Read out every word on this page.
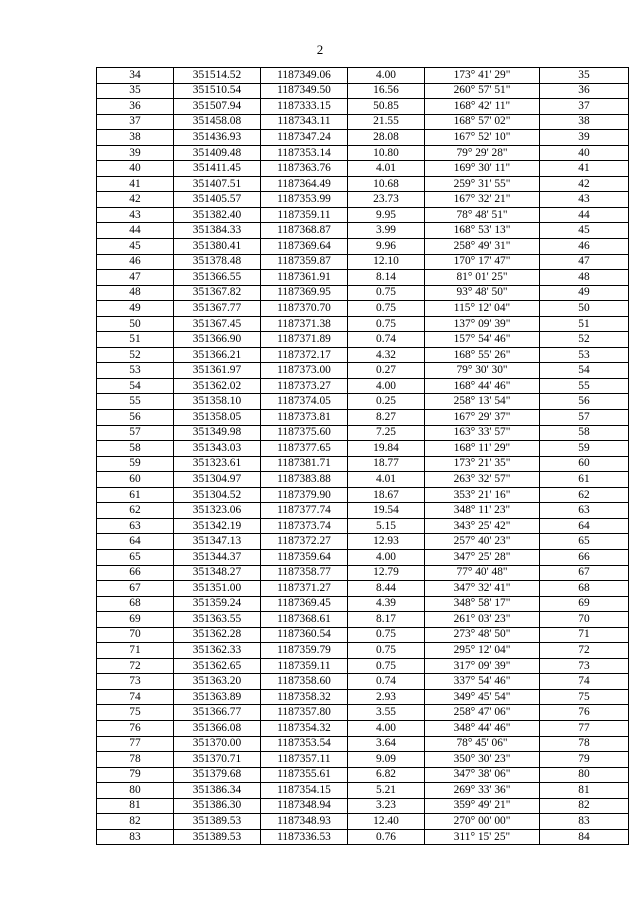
2
34	351514.52	1187349.06	4.00	173° 41' 29"	35
35	351510.54	1187349.50	16.56	260° 57' 51"	36
36	351507.94	1187333.15	50.85	168° 42' 11"	37
37	351458.08	1187343.11	21.55	168° 57' 02"	38
38	351436.93	1187347.24	28.08	167° 52' 10"	39
39	351409.48	1187353.14	10.80	79° 29' 28"	40
40	351411.45	1187363.76	4.01	169° 30' 11"	41
41	351407.51	1187364.49	10.68	259° 31' 55"	42
42	351405.57	1187353.99	23.73	167° 32' 21"	43
43	351382.40	1187359.11	9.95	78° 48' 51"	44
44	351384.33	1187368.87	3.99	168° 53' 13"	45
45	351380.41	1187369.64	9.96	258° 49' 31"	46
46	351378.48	1187359.87	12.10	170° 17' 47"	47
47	351366.55	1187361.91	8.14	81° 01' 25"	48
48	351367.82	1187369.95	0.75	93° 48' 50"	49
49	351367.77	1187370.70	0.75	115° 12' 04"	50
50	351367.45	1187371.38	0.75	137° 09' 39"	51
51	351366.90	1187371.89	0.74	157° 54' 46"	52
52	351366.21	1187372.17	4.32	168° 55' 26"	53
53	351361.97	1187373.00	0.27	79° 30' 30"	54
54	351362.02	1187373.27	4.00	168° 44' 46"	55
55	351358.10	1187374.05	0.25	258° 13' 54"	56
56	351358.05	1187373.81	8.27	167° 29' 37"	57
57	351349.98	1187375.60	7.25	163° 33' 57"	58
58	351343.03	1187377.65	19.84	168° 11' 29"	59
59	351323.61	1187381.71	18.77	173° 21' 35"	60
60	351304.97	1187383.88	4.01	263° 32' 57"	61
61	351304.52	1187379.90	18.67	353° 21' 16"	62
62	351323.06	1187377.74	19.54	348° 11' 23"	63
63	351342.19	1187373.74	5.15	343° 25' 42"	64
64	351347.13	1187372.27	12.93	257° 40' 23"	65
65	351344.37	1187359.64	4.00	347° 25' 28"	66
66	351348.27	1187358.77	12.79	77° 40' 48"	67
67	351351.00	1187371.27	8.44	347° 32' 41"	68
68	351359.24	1187369.45	4.39	348° 58' 17"	69
69	351363.55	1187368.61	8.17	261° 03' 23"	70
70	351362.28	1187360.54	0.75	273° 48' 50"	71
71	351362.33	1187359.79	0.75	295° 12' 04"	72
72	351362.65	1187359.11	0.75	317° 09' 39"	73
73	351363.20	1187358.60	0.74	337° 54' 46"	74
74	351363.89	1187358.32	2.93	349° 45' 54"	75
75	351366.77	1187357.80	3.55	258° 47' 06"	76
76	351366.08	1187354.32	4.00	348° 44' 46"	77
77	351370.00	1187353.54	3.64	78° 45' 06"	78
78	351370.71	1187357.11	9.09	350° 30' 23"	79
79	351379.68	1187355.61	6.82	347° 38' 06"	80
80	351386.34	1187354.15	5.21	269° 33' 36"	81
81	351386.30	1187348.94	3.23	359° 49' 21"	82
82	351389.53	1187348.93	12.40	270° 00' 00"	83
83	351389.53	1187336.53	0.76	311° 15' 25"	84
